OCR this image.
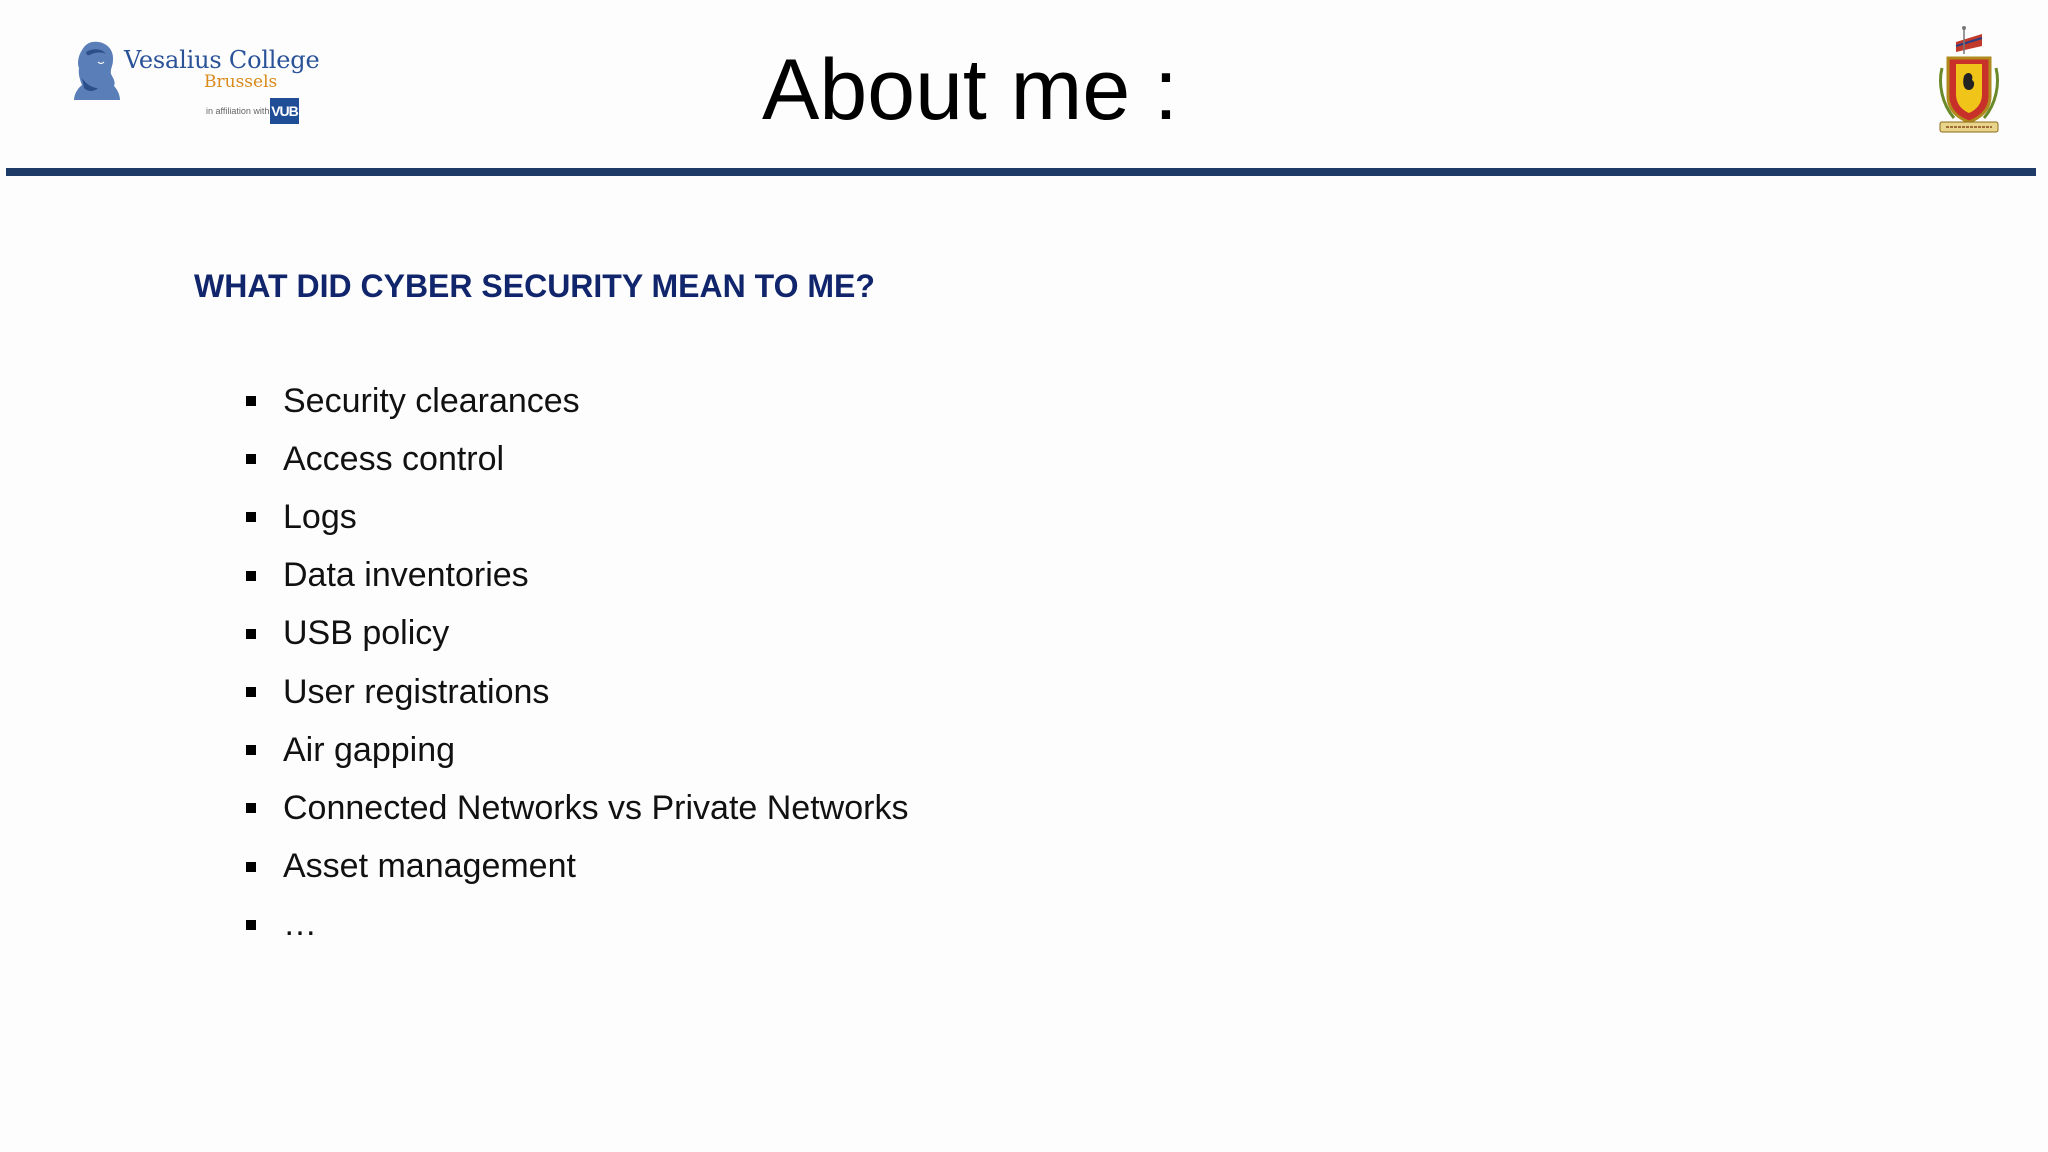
Vesalius College
Brussels
in affiliation with VUB	About me :
WHAT DID CYBER SECURITY MEAN TO ME?
Security clearances
Access control
Logs
Data inventories
USB policy
User registrations
Air gapping
Connected Networks vs Private Networks
Asset management
…
